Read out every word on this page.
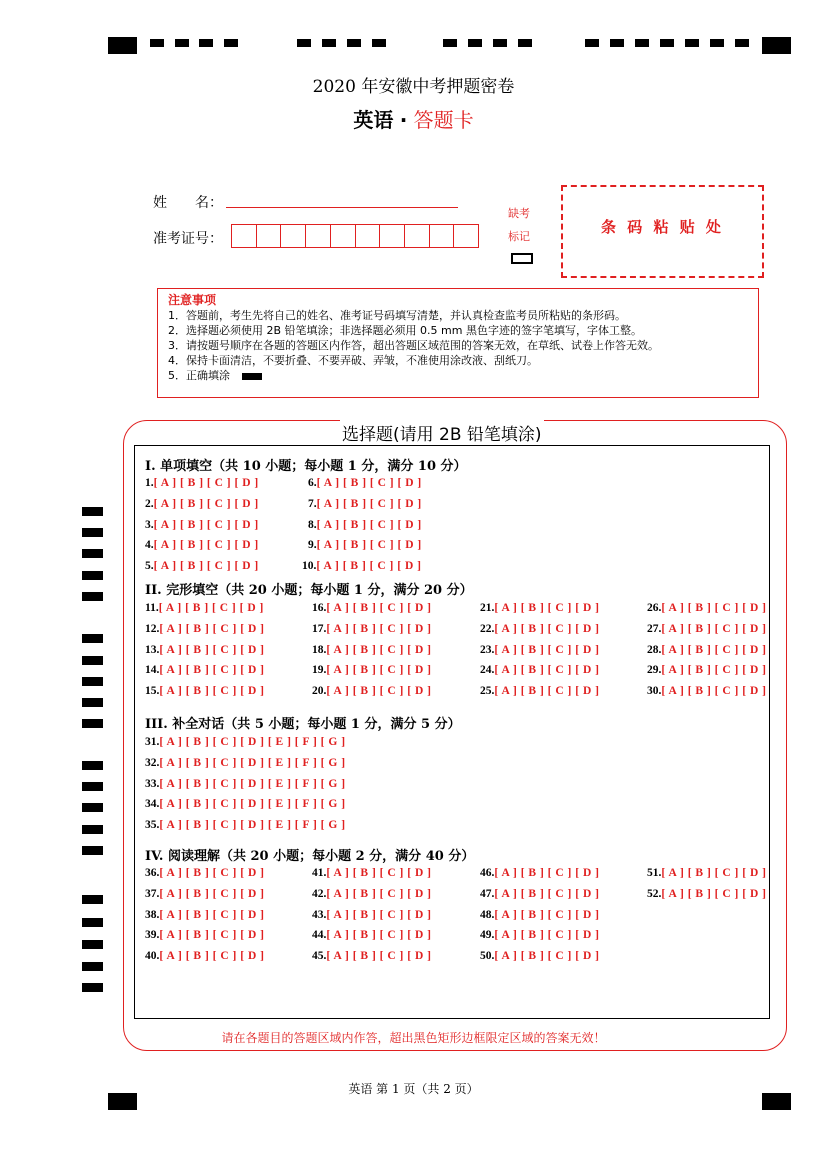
2020 年安徽中考押题密卷
英语 · 答题卡
姓　　名：
准考证号：
缺考
标记
条 码 粘 贴 处
注意事项
1．答题前，考生先将自己的姓名、准考证号码填写清楚，并认真检查监考员所粘贴的条形码。
2．选择题必须使用 2B 铅笔填涂；非选择题必须用 0.5 mm 黑色字迹的签字笔填写，字体工整。
3．请按题号顺序在各题的答题区内作答，超出答题区域范围的答案无效，在草纸、试卷上作答无效。
4．保持卡面清洁，不要折叠、不要弄破、弄皱，不准使用涂改液、刮纸刀。
5．正确填涂
选择题(请用 2B 铅笔填涂)
I. 单项填空（共 10 小题；每小题 1 分，满分 10 分）
II. 完形填空（共 20 小题；每小题 1 分，满分 20 分）
III. 补全对话（共 5 小题；每小题 1 分，满分 5 分）
IV. 阅读理解（共 20 小题；每小题 2 分，满分 40 分）
1.[ A ] [ B ] [ C ] [ D ]
2.[ A ] [ B ] [ C ] [ D ]
3.[ A ] [ B ] [ C ] [ D ]
4.[ A ] [ B ] [ C ] [ D ]
5.[ A ] [ B ] [ C ] [ D ]
6.[ A ] [ B ] [ C ] [ D ]
7.[ A ] [ B ] [ C ] [ D ]
8.[ A ] [ B ] [ C ] [ D ]
9.[ A ] [ B ] [ C ] [ D ]
10.[ A ] [ B ] [ C ] [ D ]
11.[ A ] [ B ] [ C ] [ D ]
12.[ A ] [ B ] [ C ] [ D ]
13.[ A ] [ B ] [ C ] [ D ]
14.[ A ] [ B ] [ C ] [ D ]
15.[ A ] [ B ] [ C ] [ D ]
16.[ A ] [ B ] [ C ] [ D ]
17.[ A ] [ B ] [ C ] [ D ]
18.[ A ] [ B ] [ C ] [ D ]
19.[ A ] [ B ] [ C ] [ D ]
20.[ A ] [ B ] [ C ] [ D ]
21.[ A ] [ B ] [ C ] [ D ]
22.[ A ] [ B ] [ C ] [ D ]
23.[ A ] [ B ] [ C ] [ D ]
24.[ A ] [ B ] [ C ] [ D ]
25.[ A ] [ B ] [ C ] [ D ]
26.[ A ] [ B ] [ C ] [ D ]
27.[ A ] [ B ] [ C ] [ D ]
28.[ A ] [ B ] [ C ] [ D ]
29.[ A ] [ B ] [ C ] [ D ]
30.[ A ] [ B ] [ C ] [ D ]
31.[ A ] [ B ] [ C ] [ D ] [ E ] [ F ] [ G ]
32.[ A ] [ B ] [ C ] [ D ] [ E ] [ F ] [ G ]
33.[ A ] [ B ] [ C ] [ D ] [ E ] [ F ] [ G ]
34.[ A ] [ B ] [ C ] [ D ] [ E ] [ F ] [ G ]
35.[ A ] [ B ] [ C ] [ D ] [ E ] [ F ] [ G ]
36.[ A ] [ B ] [ C ] [ D ]
37.[ A ] [ B ] [ C ] [ D ]
38.[ A ] [ B ] [ C ] [ D ]
39.[ A ] [ B ] [ C ] [ D ]
40.[ A ] [ B ] [ C ] [ D ]
41.[ A ] [ B ] [ C ] [ D ]
42.[ A ] [ B ] [ C ] [ D ]
43.[ A ] [ B ] [ C ] [ D ]
44.[ A ] [ B ] [ C ] [ D ]
45.[ A ] [ B ] [ C ] [ D ]
46.[ A ] [ B ] [ C ] [ D ]
47.[ A ] [ B ] [ C ] [ D ]
48.[ A ] [ B ] [ C ] [ D ]
49.[ A ] [ B ] [ C ] [ D ]
50.[ A ] [ B ] [ C ] [ D ]
51.[ A ] [ B ] [ C ] [ D ]
52.[ A ] [ B ] [ C ] [ D ]
请在各题目的答题区域内作答，超出黑色矩形边框限定区域的答案无效！
英语 第 1 页（共 2 页）
